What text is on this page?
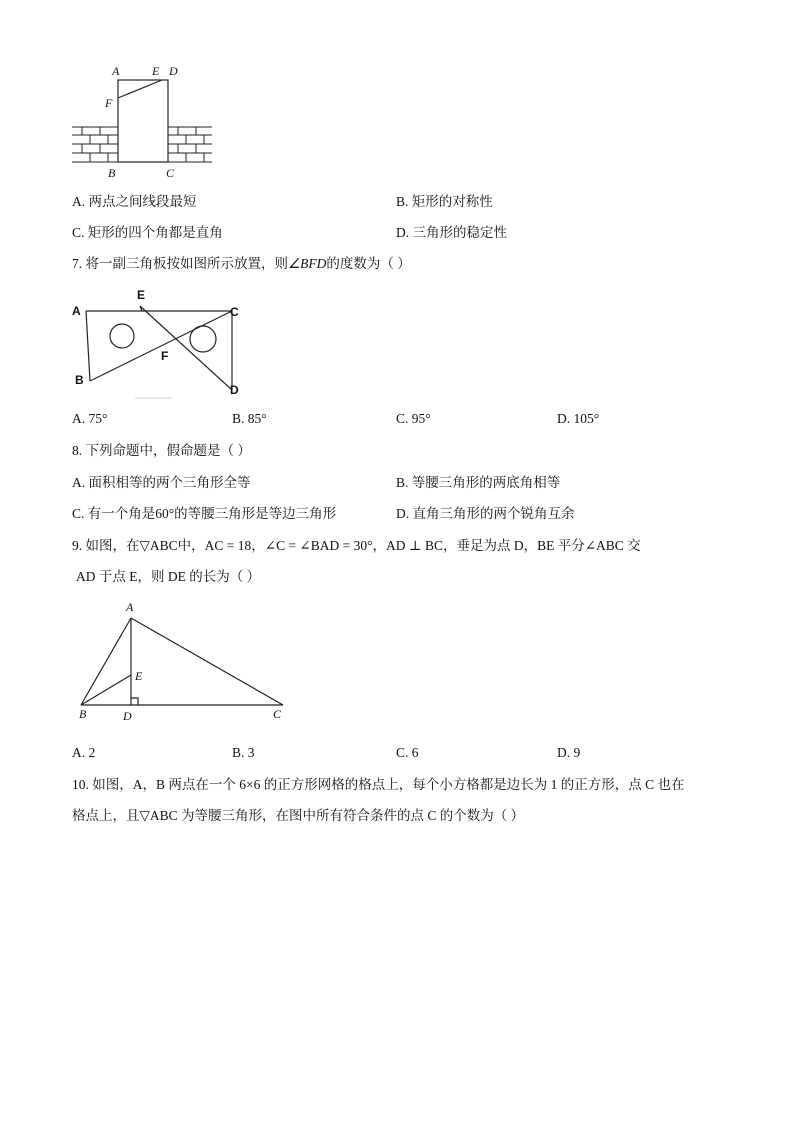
A	E D
F
B	C
A. 两点之间线段最短	B. 矩形的对称性
C. 矩形的四个角都是直角	D. 三角形的稳定性
7. 将一副三角板按如图所示放置，则∠BFD的度数为（ ）
A
E
C
F
B
D
A. 75°	B. 85°	C. 95°	D. 105°
8. 下列命题中，假命题是（ ）
A. 面积相等的两个三角形全等	B. 等腰三角形的两底角相等
C. 有一个角是60°的等腰三角形是等边三角形	D. 直角三角形的两个锐角互余
9. 如图，在▽ABC中，AC = 18，∠C = ∠BAD = 30°，AD ⊥ BC，垂足为点 D，BE 平分∠ABC 交
AD 于点 E，则 DE 的长为（ ）
A
E
B	D	C
A. 2	B. 3	C. 6	D. 9
10. 如图，A，B 两点在一个 6×6 的正方形网格的格点上，每个小方格都是边长为 1 的正方形，点 C 也在
格点上，且▽ABC 为等腰三角形，在图中所有符合条件的点 C 的个数为（ ）
